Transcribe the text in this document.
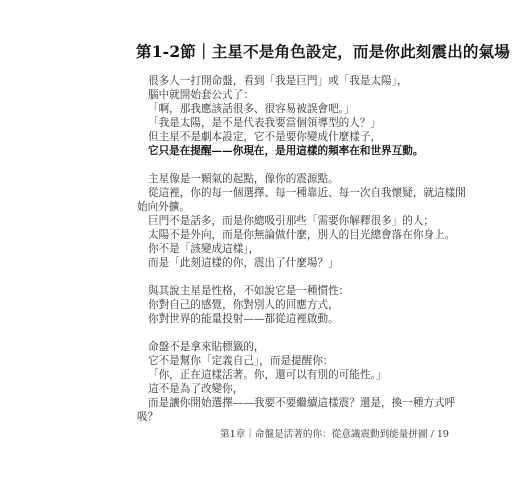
第1-2節｜主星不是角色設定，而是你此刻震出的氣場
很多人一打開命盤，看到「我是巨門」或「我是太陽」，
腦中就開始套公式了：
「啊，那我應該話很多、很容易被誤會吧。」
「我是太陽，是不是代表我要當個領導型的人？」
但主星不是劇本設定，它不是要你變成什麼樣子，
它只是在提醒——你現在，是用這樣的頻率在和世界互動。
主星像是一顆氣的起點，像你的震源點。
從這裡，你的每一個選擇、每一種靠近、每一次自我懷疑，就這樣開
始向外擴。
巨門不是話多，而是你總吸引那些「需要你解釋很多」的人；
太陽不是外向，而是你無論做什麼，別人的目光總會落在你身上。
你不是「該變成這樣」，
而是「此刻這樣的你，震出了什麼場？」
與其說主星是性格，不如說它是一種慣性：
你對自己的感覺，你對別人的回應方式，
你對世界的能量投射——都從這裡啟動。
命盤不是拿來貼標籤的，
它不是幫你「定義自己」，而是提醒你：
「你，正在這樣活著。你，還可以有別的可能性。」
這不是為了改變你，
而是讓你開始選擇——我要不要繼續這樣震？還是，換一種方式呼
吸？
第1章｜命盤是活著的你：從意識震動到能量拼圖 / 19
